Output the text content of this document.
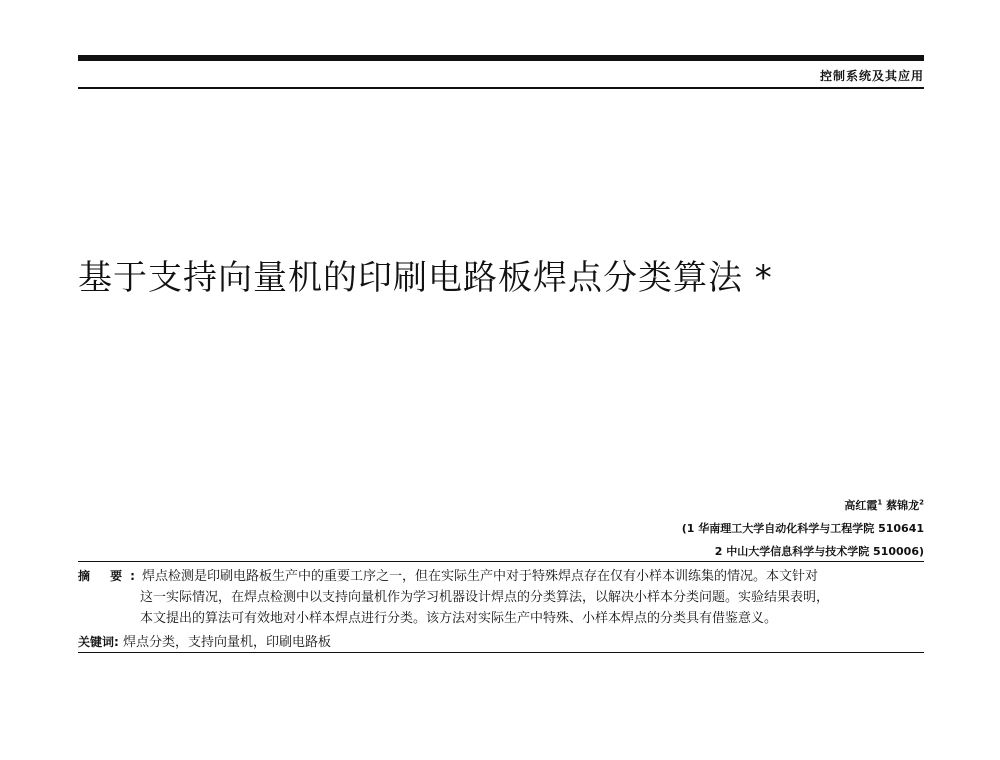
控制系统及其应用
基于支持向量机的印刷电路板焊点分类算法 *
高红霞$^1$ 蔡锦龙$^2$
(1 华南理工大学自动化科学与工程学院 510641
2 中山大学信息科学与技术学院 510006)
摘 要: 焊点检测是印刷电路板生产中的重要工序之一，但在实际生产中对于特殊焊点存在仅有小样本训练集的情况。本文针对
这一实际情况，在焊点检测中以支持向量机作为学习机器设计焊点的分类算法，以解决小样本分类问题。实验结果表明，
本文提出的算法可有效地对小样本焊点进行分类。该方法对实际生产中特殊、小样本焊点的分类具有借鉴意义。
关键词: 焊点分类，支持向量机，印刷电路板
